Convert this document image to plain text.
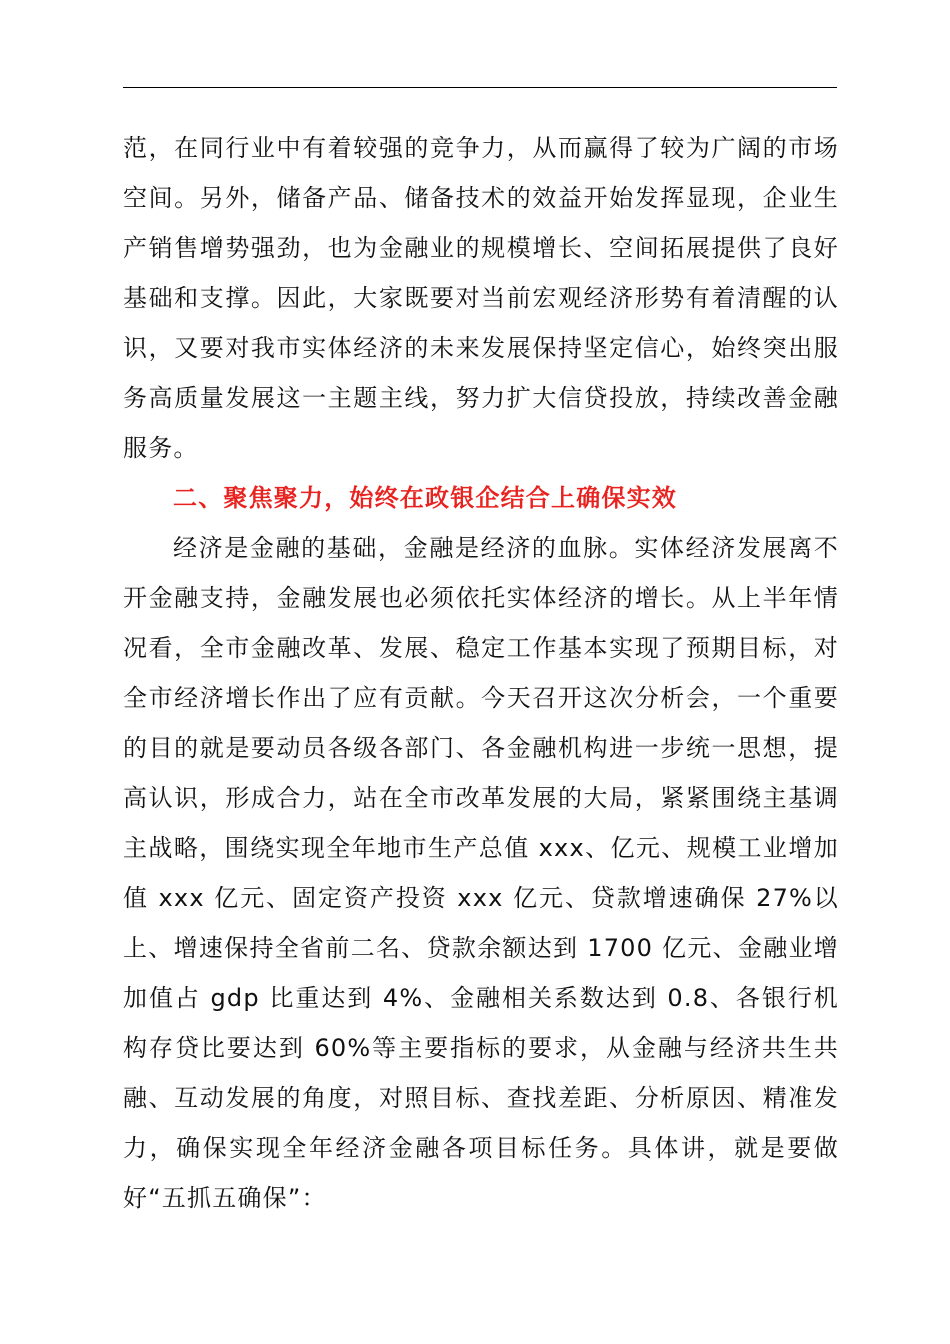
范，在同行业中有着较强的竞争力，从而赢得了较为广阔的市场空间。另外，储备产品、储备技术的效益开始发挥显现，企业生产销售增势强劲，也为金融业的规模增长、空间拓展提供了良好基础和支撑。因此，大家既要对当前宏观经济形势有着清醒的认识，又要对我市实体经济的未来发展保持坚定信心，始终突出服务高质量发展这一主题主线，努力扩大信贷投放，持续改善金融服务。

二、聚焦聚力，始终在政银企结合上确保实效

经济是金融的基础，金融是经济的血脉。实体经济发展离不开金融支持，金融发展也必须依托实体经济的增长。从上半年情况看，全市金融改革、发展、稳定工作基本实现了预期目标，对全市经济增长作出了应有贡献。今天召开这次分析会，一个重要的目的就是要动员各级各部门、各金融机构进一步统一思想，提高认识，形成合力，站在全市改革发展的大局，紧紧围绕主基调主战略，围绕实现全年地市生产总值 xxx、亿元、规模工业增加值 xxx 亿元、固定资产投资 xxx 亿元、贷款增速确保 27%以上、增速保持全省前二名、贷款余额达到 1700 亿元、金融业增加值占 gdp 比重达到 4%、金融相关系数达到 0.8、各银行机构存贷比要达到 60%等主要指标的要求，从金融与经济共生共融、互动发展的角度，对照目标、查找差距、分析原因、精准发力，确保实现全年经济金融各项目标任务。具体讲，就是要做好“五抓五确保”：
